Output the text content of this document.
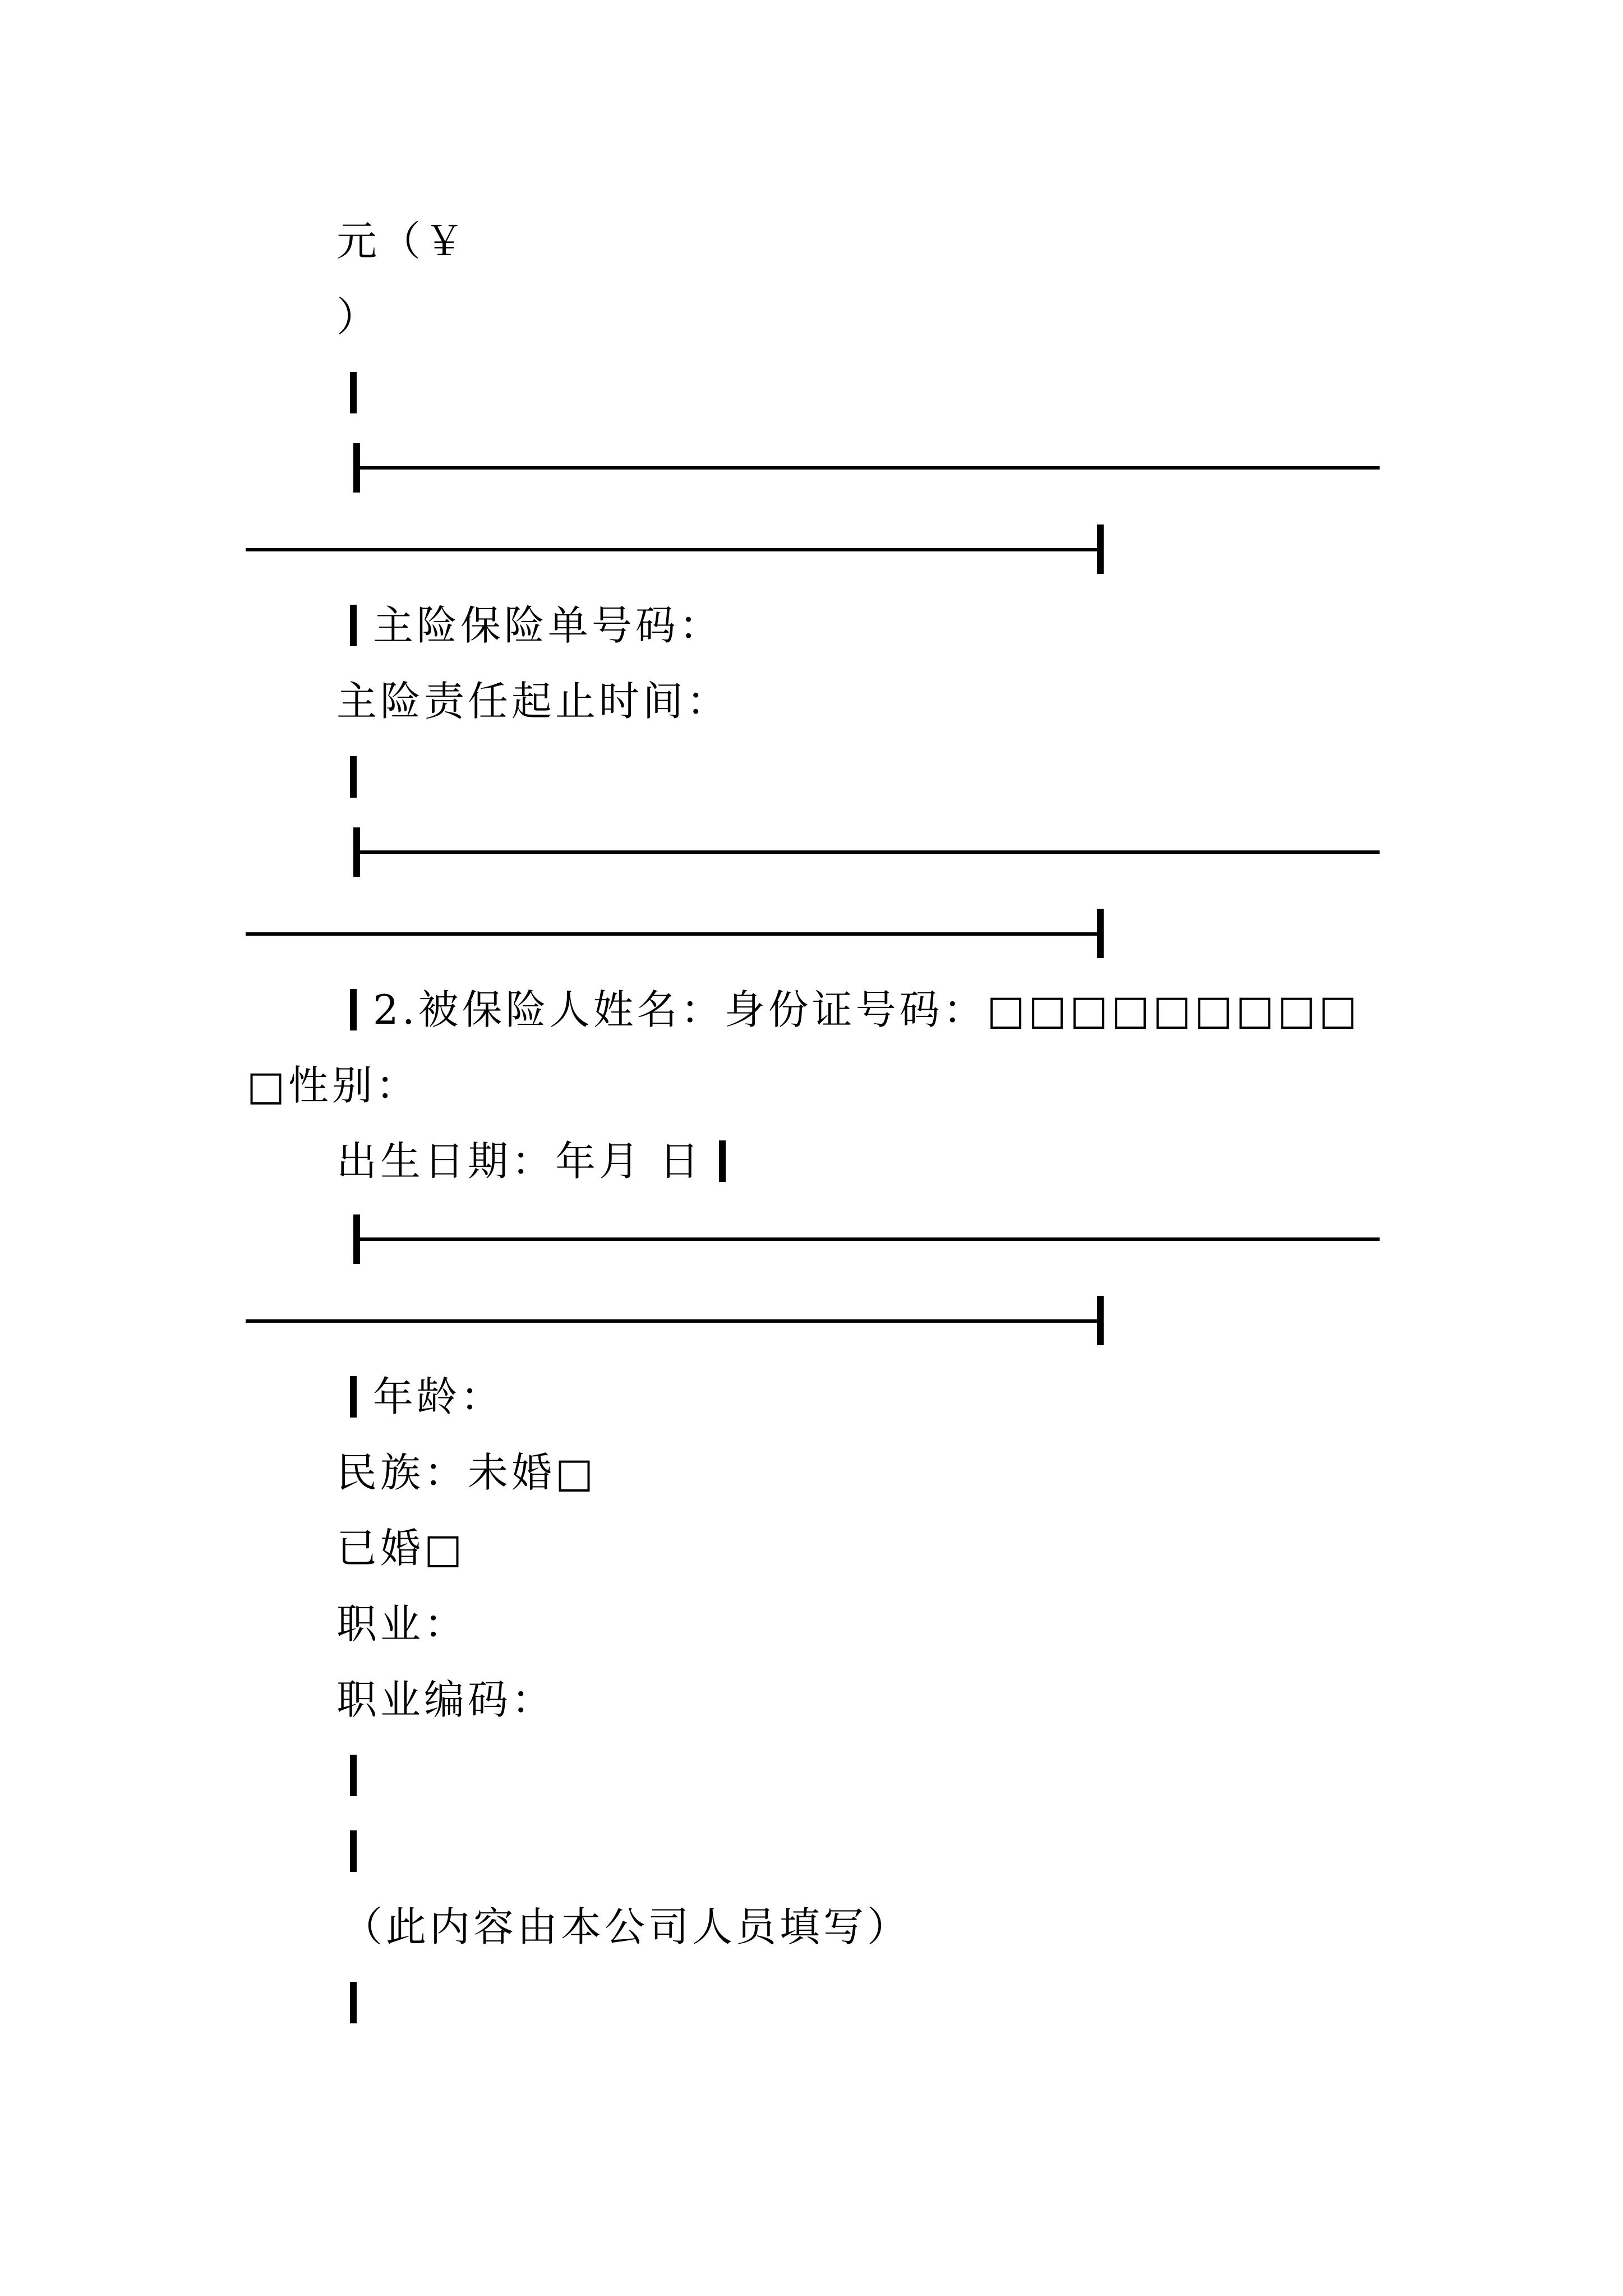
元（￥
）
主险保险单号码：
主险责任起止时间：
2.被保险人姓名：身份证号码：□□□□□□□□□
□性别：
出生日期：年月 日
年龄：
民族：未婚□
已婚□
职业：
职业编码：
（此内容由本公司人员填写）
